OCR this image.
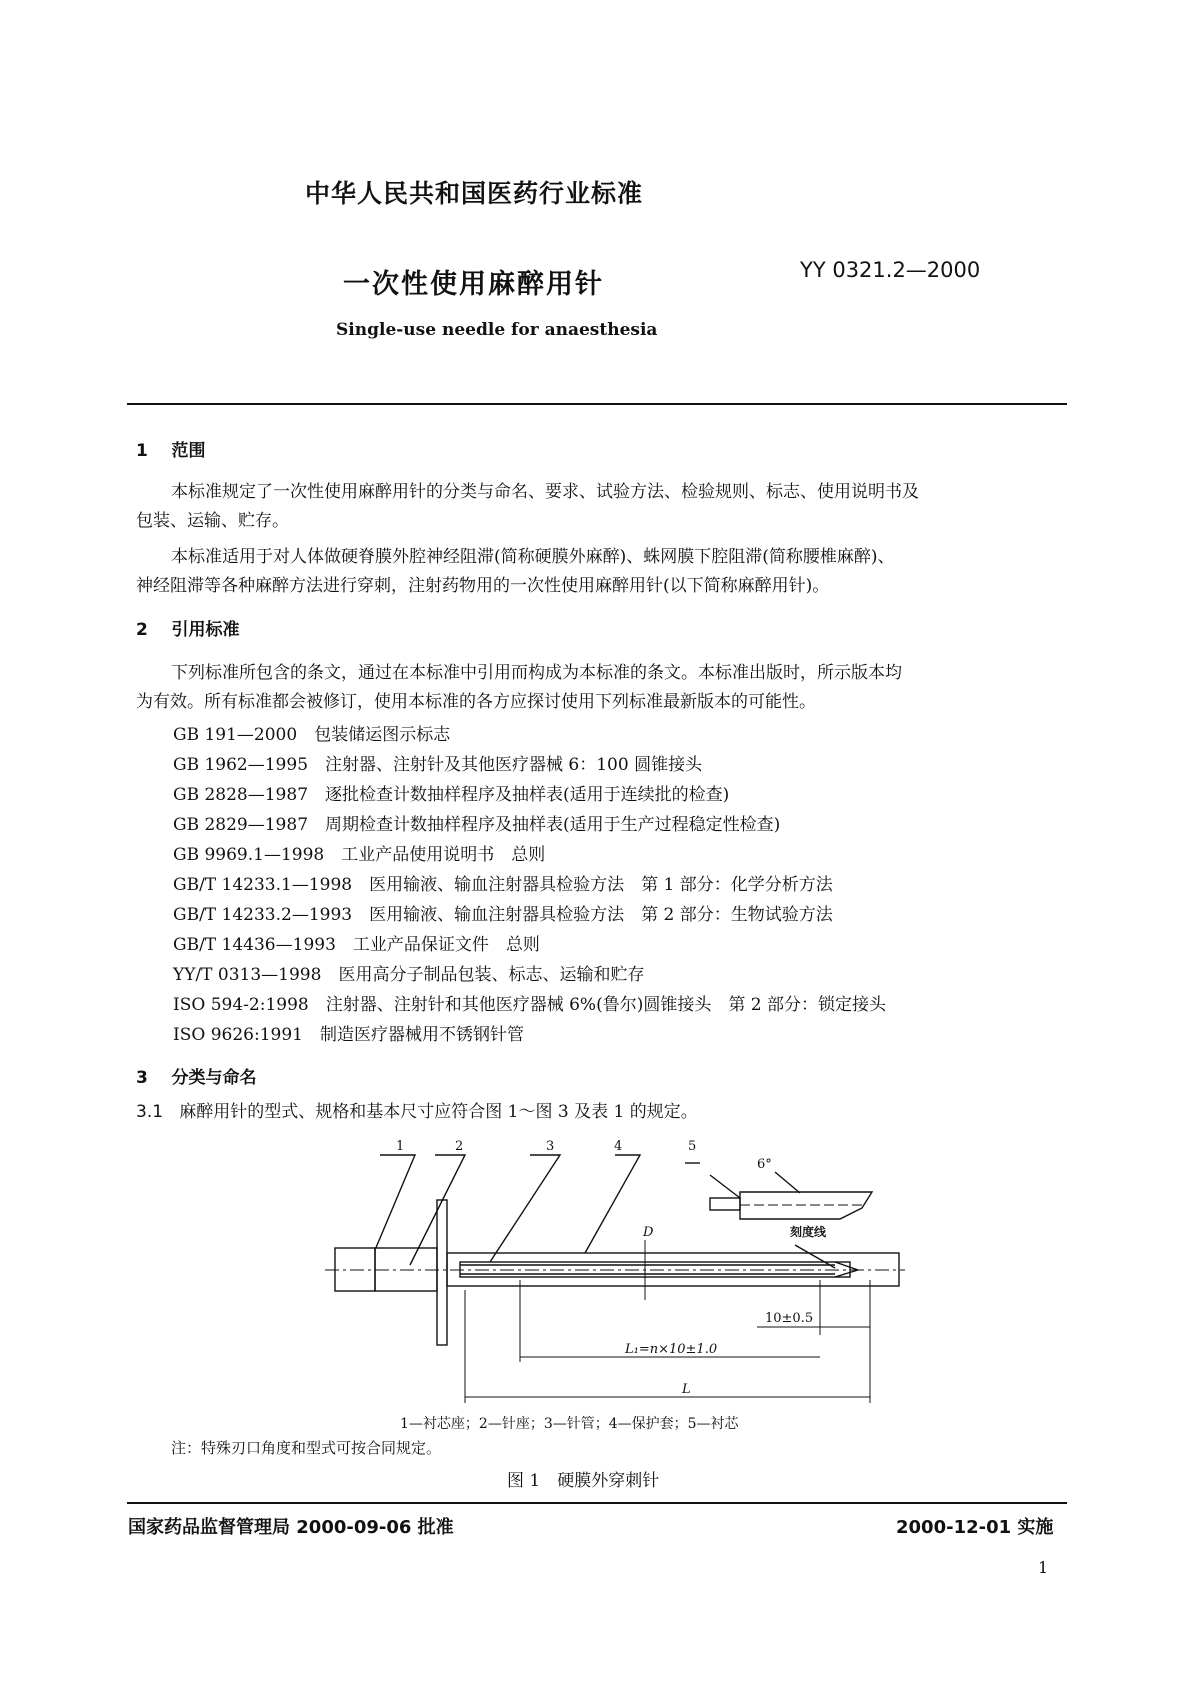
中华人民共和国医药行业标准
一次性使用麻醉用针	YY 0321.2—2000
Single-use needle for anaesthesia
1 范围
本标准规定了一次性使用麻醉用针的分类与命名、要求、试验方法、检验规则、标志、使用说明书及
包装、运输、贮存。
本标准适用于对人体做硬脊膜外腔神经阻滞(简称硬膜外麻醉)、蛛网膜下腔阻滞(简称腰椎麻醉)、
神经阻滞等各种麻醉方法进行穿刺，注射药物用的一次性使用麻醉用针(以下简称麻醉用针)。
2 引用标准
下列标准所包含的条文，通过在本标准中引用而构成为本标准的条文。本标准出版时，所示版本均
为有效。所有标准都会被修订，使用本标准的各方应探讨使用下列标准最新版本的可能性。
GB 191—2000　包装储运图示标志
GB 1962—1995　注射器、注射针及其他医疗器械 6：100 圆锥接头
GB 2828—1987　逐批检查计数抽样程序及抽样表(适用于连续批的检查)
GB 2829—1987　周期检查计数抽样程序及抽样表(适用于生产过程稳定性检查)
GB 9969.1—1998　工业产品使用说明书　总则
GB/T 14233.1—1998　医用输液、输血注射器具检验方法　第 1 部分：化学分析方法
GB/T 14233.2—1993　医用输液、输血注射器具检验方法　第 2 部分：生物试验方法
GB/T 14436—1993　工业产品保证文件　总则
YY/T 0313—1998　医用高分子制品包装、标志、运输和贮存
ISO 594-2:1998　注射器、注射针和其他医疗器械 6%(鲁尔)圆锥接头　第 2 部分：锁定接头
ISO 9626:1991　制造医疗器械用不锈钢针管
3 分类与命名
3.1 麻醉用针的型式、规格和基本尺寸应符合图 1～图 3 及表 1 的规定。
1	2	3	4	5
6°
D	刻度线
10±0.5
L₁=n×10±1.0
L
1—衬芯座；2—针座；3—针管；4—保护套；5—衬芯
注：特殊刃口角度和型式可按合同规定。
图 1　硬膜外穿刺针
国家药品监督管理局 2000-09-06 批准	2000-12-01 实施
1
